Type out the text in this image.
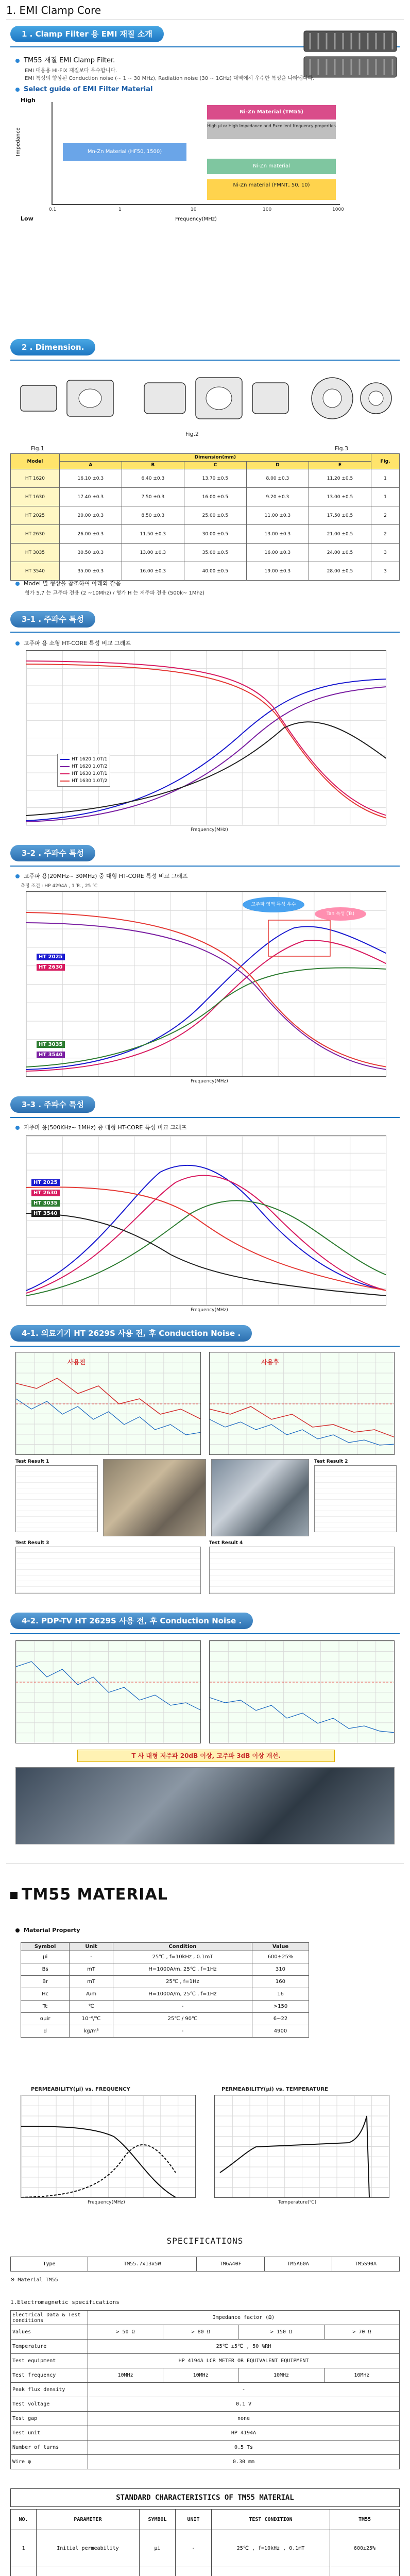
1. EMI Clamp Core
1 . Clamp Filter 용 EMI 재질 소개
TM55 재질 EMI Clamp Filter.
EMI 대응용 HI-FIX 재질보다 우수합니다.
EMI 특성의 향상된 Conduction noise (~ 1 ~ 30 MHz), Radiation noise (30 ~ 1GHz) 대역에서 우수한 특성을 나타냅니다.
Select guide of EMI Filter Material
High
Low
Impedance
Ni-Zn Material (TM55)
High µi or High Impedance and Excellent frequency properties
Mn-Zn Material (HF50, 1500)
Ni-Zn material (FMNT, 50, 10)
Ni-Zn material
0.1	1	10	100	1000
Frequency(MHz)
2 . Dimension.
Fig.1
Fig.2
Fig.3
Model	Dimension(mm)					Fig.
	A	B	C	D	E	
HT 1620	16.10 ±0.3	6.40 ±0.3	13.70 ±0.5	8.00 ±0.3	11.20 ±0.5	1
HT 1630	17.40 ±0.3	7.50 ±0.3	16.00 ±0.5	9.20 ±0.3	13.00 ±0.5	1
HT 2025	20.00 ±0.3	8.50 ±0.3	25.00 ±0.5	11.00 ±0.3	17.50 ±0.5	2
HT 2630	26.00 ±0.3	11.50 ±0.3	30.00 ±0.5	13.00 ±0.3	21.00 ±0.5	2
HT 3035	30.50 ±0.3	13.00 ±0.3	35.00 ±0.5	16.00 ±0.3	24.00 ±0.5	3
HT 3540	35.00 ±0.3	16.00 ±0.3	40.00 ±0.5	19.00 ±0.3	28.00 ±0.5	3
Model 별 형상을 참조하여 아래와 같음
형가 5.7 는 고주파 전용 (2 ~10Mhz) / 형가 H 는 저주파 전용 (500k~ 1Mhz)
3-1 . 주파수 특성
고주파 용 소형 HT-CORE 특성 비교 그래프
HT 1620 1.0T/1
HT 1620 1.0T/2
HT 1630 1.0T/1
HT 1630 1.0T/2
Frequency(MHz)
3-2 . 주파수 특성
고주파 용(20MHz~ 30MHz) 중 대형 HT-CORE 특성 비교 그래프
측정 조건 : HP 4294A , 1 Ts , 25 ℃
고주파 영역 특성 우수
Tan 특성 (Ts)
HT 2025
HT 2630
HT 3035
HT 3540
Frequency(MHz)
3-3 . 주파수 특성
저주파 용(500KHz~ 1MHz) 중 대형 HT-CORE 특성 비교 그래프
HT 2025
HT 2630
HT 3035
HT 3540
Frequency(MHz)
4-1. 의료기기 HT 2629S 사용 전, 후 Conduction Noise .
사용전	사용후
Test Result 1	Test Result 2
Test Result 3	Test Result 4
4-2. PDP-TV HT 2629S 사용 전, 후 Conduction Noise .
T 사 대형 저주파 20dB 이상, 고주파 3dB 이상 개선.
TM55 MATERIAL
Material Property
Symbol	Unit	Condition	Value
μi	-	25℃ , f=10kHz , 0.1mT	600±25%
Bs	mT	H=1000A/m, 25℃ , f=1Hz	310
Br	mT	25℃ , f=1Hz	160
Hc	A/m	H=1000A/m, 25℃ , f=1Hz	16
Tc	℃	-	>150
αμir	10⁻⁶/℃	25℃ / 90℃	6~22
d	kg/m³	-	4900
PERMEABILITY(µi) vs. FREQUENCY
Frequency(MHz)
PERMEABILITY(µi) vs. TEMPERATURE
Temperature(℃)
SPECIFICATIONS
Type	TM55.7x13x5W	TM6A40F	TM5A60A	TM5S90A
※ Material TM55
1.Electromagnetic specifications
Electrical Data & Test conditions	Impedance factor (Ω)			
Values	> 50 Ω	> 80 Ω	> 150 Ω	> 70 Ω
Temperature	25℃ ±5℃ , 50 %RH			
Test equipment	HP 4194A LCR METER OR EQUIVALENT EQUIPMENT			
Test frequency	10MHz	10MHz	10MHz	10MHz
Peak flux density	-			
Test voltage	0.1 V			
Test gap	none			
Test unit	HP 4194A			
Number of turns	0.5 Ts			
Wire φ	0.30 mm			
STANDARD CHARACTERISTICS OF TM55 MATERIAL
NO.	PARAMETER	SYMBOL	UNIT	TEST CONDITION	TM55
1	Initial permeability	μi	-	25℃ , f=10kHz , 0.1mT	600±25%
